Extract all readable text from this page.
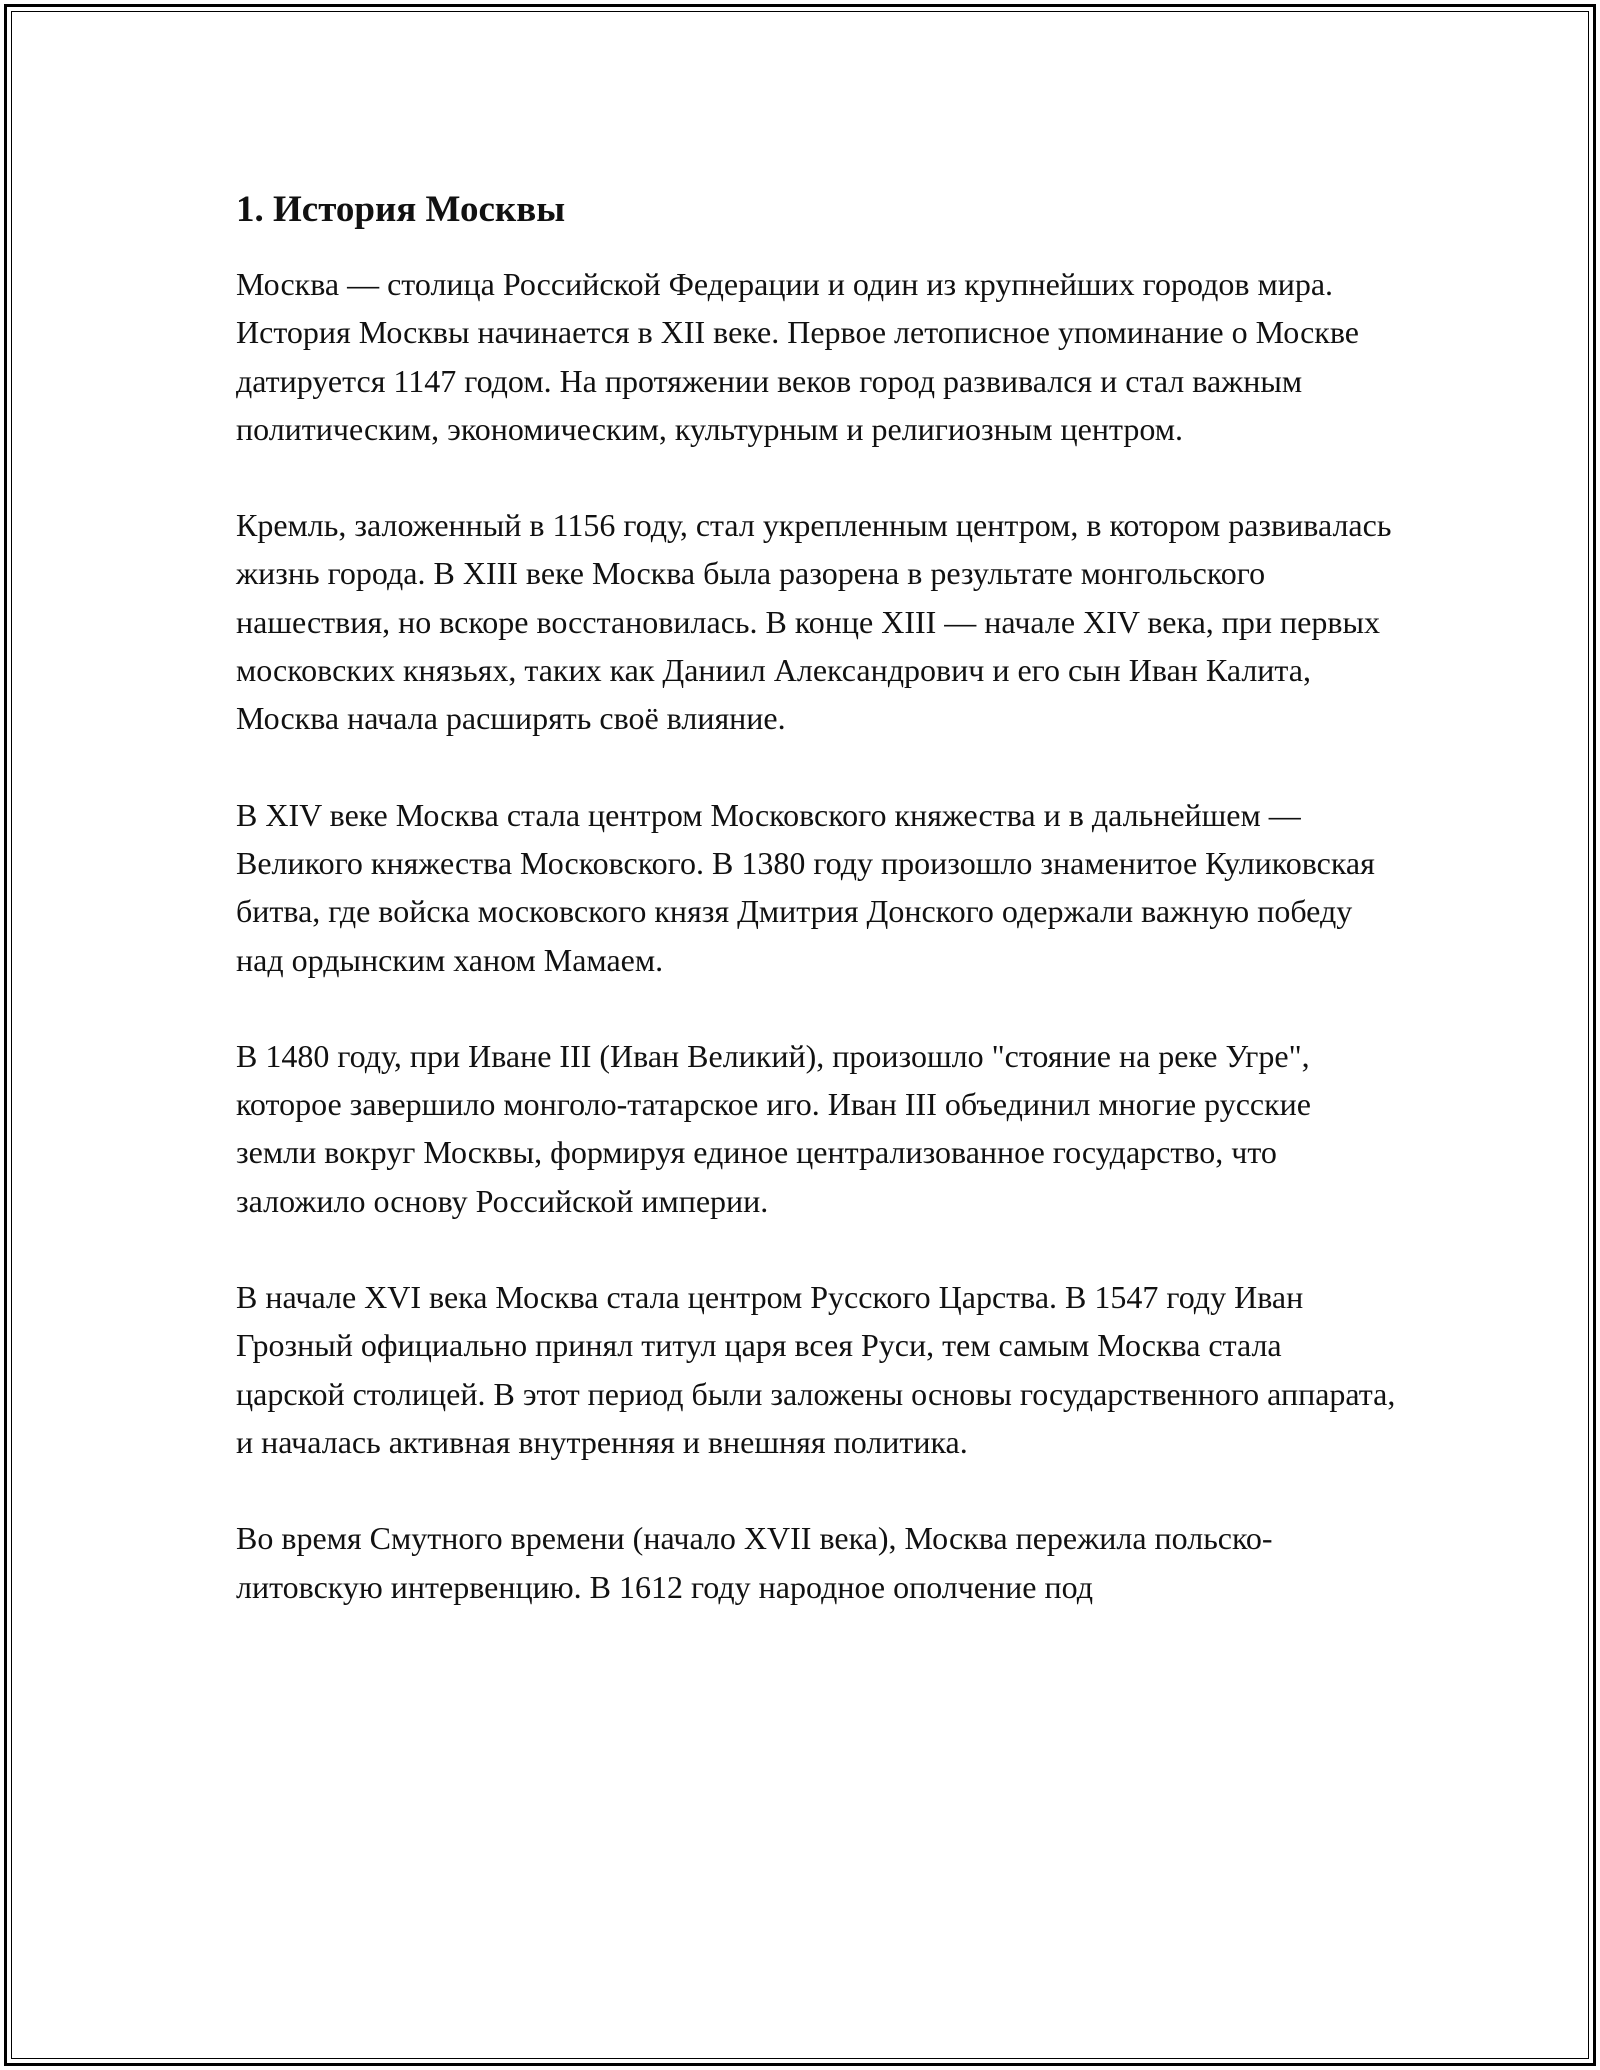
1. История Москвы

Москва — столица Российской Федерации и один из крупнейших городов мира. История Москвы начинается в XII веке. Первое летописное упоминание о Москве датируется 1147 годом. На протяжении веков город развивался и стал важным политическим, экономическим, культурным и религиозным центром.

Кремль, заложенный в 1156 году, стал укрепленным центром, в котором развивалась жизнь города. В XIII веке Москва была разорена в результате монгольского нашествия, но вскоре восстановилась. В конце XIII — начале XIV века, при первых московских князьях, таких как Даниил Александрович и его сын Иван Калита, Москва начала расширять своё влияние.

В XIV веке Москва стала центром Московского княжества и в дальнейшем — Великого княжества Московского. В 1380 году произошло знаменитое Куликовская битва, где войска московского князя Дмитрия Донского одержали важную победу над ордынским ханом Мамаем.

В 1480 году, при Иване III (Иван Великий), произошло "стояние на реке Угре", которое завершило монголо-татарское иго. Иван III объединил многие русские земли вокруг Москвы, формируя единое централизованное государство, что заложило основу Российской империи.

В начале XVI века Москва стала центром Русского Царства. В 1547 году Иван Грозный официально принял титул царя всея Руси, тем самым Москва стала царской столицей. В этот период были заложены основы государственного аппарата, и началась активная внутренняя и внешняя политика.

Во время Смутного времени (начало XVII века), Москва пережила польско-литовскую интервенцию. В 1612 году народное ополчение под
